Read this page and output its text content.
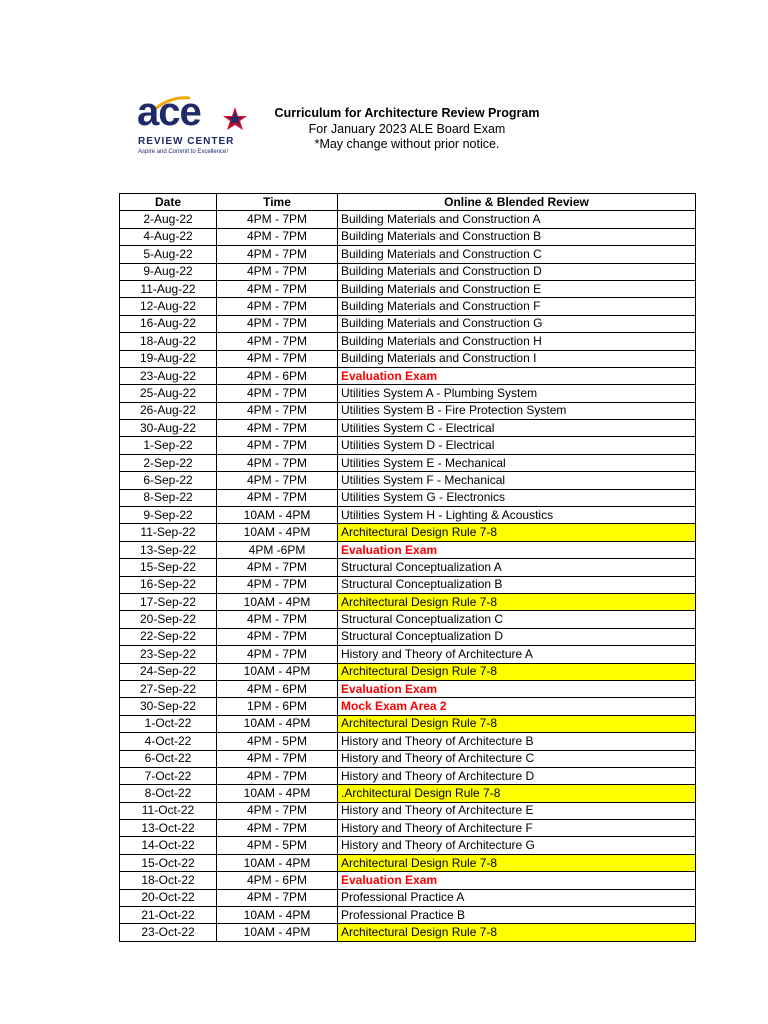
ace
REVIEW CENTER
Aspire and Commit to Excellence!
Curriculum for Architecture Review Program
For January 2023 ALE Board Exam
*May change without prior notice.
Date	Time	Online & Blended Review
2-Aug-22	4PM - 7PM	Building Materials and Construction A
4-Aug-22	4PM - 7PM	Building Materials and Construction B
5-Aug-22	4PM - 7PM	Building Materials and Construction C
9-Aug-22	4PM - 7PM	Building Materials and Construction D
11-Aug-22	4PM - 7PM	Building Materials and Construction E
12-Aug-22	4PM - 7PM	Building Materials and Construction F
16-Aug-22	4PM - 7PM	Building Materials and Construction G
18-Aug-22	4PM - 7PM	Building Materials and Construction H
19-Aug-22	4PM - 7PM	Building Materials and Construction I
23-Aug-22	4PM - 6PM	Evaluation Exam
25-Aug-22	4PM - 7PM	Utilities System A - Plumbing System
26-Aug-22	4PM - 7PM	Utilities System B - Fire Protection System
30-Aug-22	4PM - 7PM	Utilities System C - Electrical
1-Sep-22	4PM - 7PM	Utilities System D - Electrical
2-Sep-22	4PM - 7PM	Utilities System E - Mechanical
6-Sep-22	4PM - 7PM	Utilities System F - Mechanical
8-Sep-22	4PM - 7PM	Utilities System G - Electronics
9-Sep-22	10AM - 4PM	Utilities System H - Lighting & Acoustics
11-Sep-22	10AM - 4PM	Architectural Design Rule 7-8
13-Sep-22	4PM -6PM	Evaluation Exam
15-Sep-22	4PM - 7PM	Structural Conceptualization A
16-Sep-22	4PM - 7PM	Structural Conceptualization B
17-Sep-22	10AM - 4PM	Architectural Design Rule 7-8
20-Sep-22	4PM - 7PM	Structural Conceptualization C
22-Sep-22	4PM - 7PM	Structural Conceptualization D
23-Sep-22	4PM - 7PM	History and Theory of Architecture A
24-Sep-22	10AM - 4PM	Architectural Design Rule 7-8
27-Sep-22	4PM - 6PM	Evaluation Exam
30-Sep-22	1PM - 6PM	Mock Exam Area 2
1-Oct-22	10AM - 4PM	Architectural Design Rule 7-8
4-Oct-22	4PM - 5PM	History and Theory of Architecture B
6-Oct-22	4PM - 7PM	History and Theory of Architecture C
7-Oct-22	4PM - 7PM	History and Theory of Architecture D
8-Oct-22	10AM - 4PM	.Architectural Design Rule 7-8
11-Oct-22	4PM - 7PM	History and Theory of Architecture E
13-Oct-22	4PM - 7PM	History and Theory of Architecture F
14-Oct-22	4PM - 5PM	History and Theory of Architecture G
15-Oct-22	10AM - 4PM	Architectural Design Rule 7-8
18-Oct-22	4PM - 6PM	Evaluation Exam
20-Oct-22	4PM - 7PM	Professional Practice A
21-Oct-22	10AM - 4PM	Professional Practice B
23-Oct-22	10AM - 4PM	Architectural Design Rule 7-8
